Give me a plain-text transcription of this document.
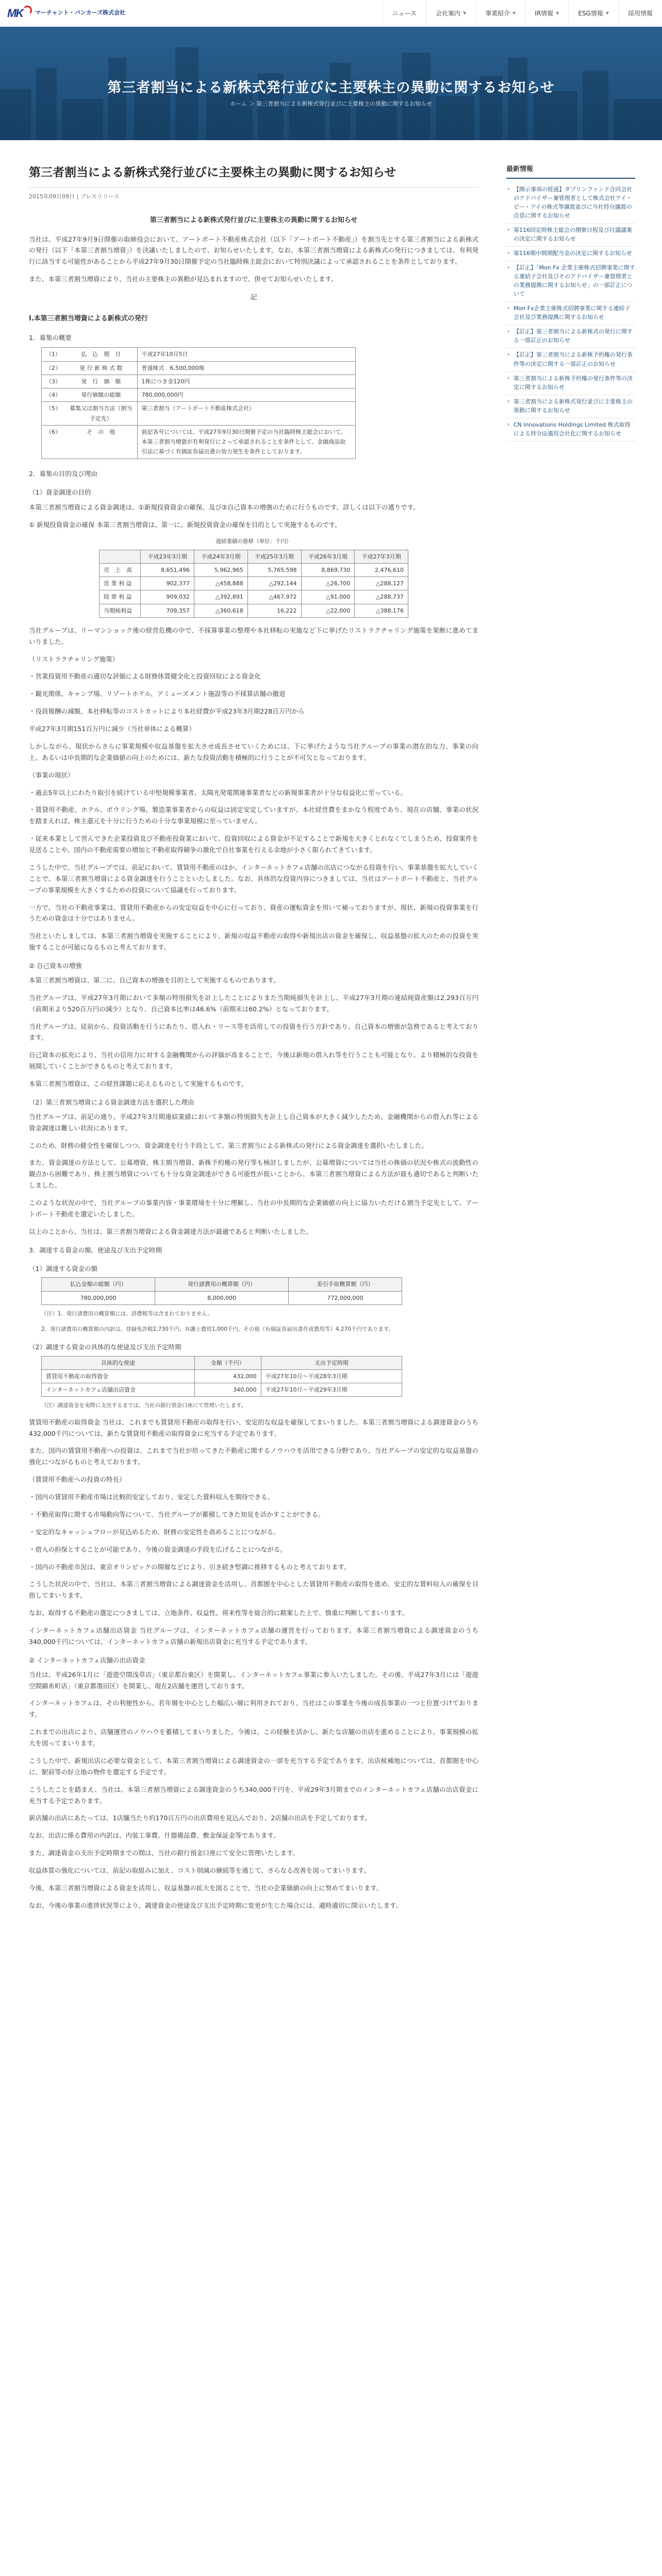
MK マーチャント・バンカーズ株式会社	ニュース	会社案内 ▼	事業紹介 ▼	IR情報 ▼	ESG情報 ▼	採用情報
第三者割当による新株式発行並びに主要株主の異動に関するお知らせ
ホーム ＞ 第三者割当による新株式発行並びに主要株主の異動に関するお知らせ
第三者割当による新株式発行並びに主要株主の異動に関するお知らせ
2015年09月09日 | プレスリリース
第三者割当による新株式発行並びに主要株主の異動に関するお知らせ

当社は、平成27年9月9日開催の取締役会において、アートポート不動産株式会社（以下「アートポート不動産」）を割当先とする第三者割当による新株式の発行（以下「本第三者割当増資」）を決議いたしましたので、お知らせいたします。なお、本第三者割当増資による新株式の発行につきましては、有利発行に該当する可能性があることから平成27年9月30日開催予定の当社臨時株主総会において特別決議によって承認されることを条件としております。

また、本第三者割当増資により、当社の主要株主の異動が見込まれますので、併せてお知らせいたします。

記
I.本第三者割当増資による新株式の発行
1．募集の概要
（1）	払　込　期　日	平成27年10月5日
（2）	発 行 新 株 式 数	普通株式　6,500,000株
（3）	発　行　価　額	1株につき金120円
（4）	発行価額の総額	780,000,000円
（5）	募集又は割当方法（割当予定先）	第三者割当（アートポート不動産株式会社）
（6）	そ　の　他	前記各号については、平成27年9月30日開催予定の当社臨時株主総会において、本第三者割当増資が有利発行によって承認されることを条件として、金融商品取引法に基づく有価証券届出書の効力発生を条件としております。
2．募集の目的及び理由
（1）資金調達の目的

本第三者割当増資による資金調達は、①新規投資資金の確保、及び②自己資本の増強のために行うものです。詳しくは以下の通りです。

① 新規投資資金の確保 本第三者割当増資は、第一に、新規投資資金の確保を目的として実施するものです。

連結業績の推移（単位：千円）
	平成23年3月期	平成24年3月期	平成25年3月期	平成26年3月期	平成27年3月期
売　上　高	8,651,496	5,962,965	5,765,598	8,869,730	2,476,610
営 業 利 益	902,377	△458,888	△292,144	△26,700	△288,127
経 常 利 益	909,032	△392,891	△467,972	△91,000	△288,737
当期純利益	709,357	△360,618	16,222	△22,000	△388,176

当社グループは、リーマンショック後の経営危機の中で、不採算事業の整理や本社移転の実施など下に挙げたリストラクチャリング施策を果断に進めてまいりました。

（リストラクチャリング施策）

・営業投資用不動産の適切な評価による財務体質健全化と投資回収による資金化

・観光関係、キャンプ場、リゾートホテル、アミューズメント施設等の不採算店舗の撤退

・役員報酬の減額、本社移転等のコストカットにより本社経費が平成23年3月期228百万円から

平成27年3月期151百万円に減少（当社単体による概算）

しかしながら、現状からさらに事業規模や収益基盤を拡大させ成長させていくためには、下に挙げたような当社グループの事業の潜在的な力、事業の向上、あるいは中長期的な企業価値の向上のためには、新たな投資活動を積極的に行うことが不可欠となっております。

（事業の現状）

・過去5年以上にわたり取引を続けている中堅規模事業者、太陽光発電関連事業者などの新規事業者が十分な収益化に至っている。

・賃貸用不動産、ホテル、ボウリング場、製造業事業者からの収益は固定安定していますが、本社経営費をまかなう程度であり、現在の店舗、事業の状況を踏まえれば、株主還元を十分に行うための十分な事業規模に至っていません。

・従来本業として営んできた企業投資及び不動産投資業において、投資回収による資金が不足することで新規を大きくとれなくてしまうため、投資案件を見送ることや、国内の不動産需要の増加と不動産取得競争の激化で自社事業を行える余地が小さく限られてきています。

こうした中で、当社グループでは、前記において、賃貸用不動産のほか、インターネットカフェ店舗の出店につながる投資を行い、事業基盤を拡大していくことで、本第三者割当増資による資金調達を行うことといたしました。なお、具体的な投資内容につきましては、当社はアートポート不動産と、当社グループの事業規模を大きくするための投資について協議を行っております。

一方で、当社の不動産事業は、賃貸用不動産からの安定収益を中心に行っており、資産の運転資金を用いて補っておりますが、現状、新規の投資事業を行うための資金は十分ではありません。

当社といたしましては、本第三者割当増資を実施することにより、新規の収益不動産の取得や新規出店の資金を確保し、収益基盤の拡大のための投資を実施することが可能になるものと考えております。

② 自己資本の増強

本第三者割当増資は、第二に、自己資本の増強を目的として実施するものであります。

当社グループは、平成27年3月期において多額の特別損失を計上したことによりまた当期純損失を計上し、平成27年3月期の連結純資産額は2,293百万円（前期末より520百万円の減少）となり、自己資本比率は46.6%（前期末は60.2%）となっております。

当社グループは、従前から、投資活動を行うにあたり、借入れ・リース等を活用しての投資を行う方針であり、自己資本の増強が急務であると考えております。

自己資本の拡充により、当社の信用力に対する金融機関からの評価が高まることで、今後は新規の借入れ等を行うことも可能となり、より積極的な投資を展開していくことができるものと考えております。

本第三者割当増資は、この経営課題に応えるものとして実施するものです。

（2）第三者割当増資による資金調達方法を選択した理由

当社グループは、前記の通り、平成27年3月期連結業績において多額の特別損失を計上し自己資本が大きく減少したため、金融機関からの借入れ等による資金調達は難しい状況にあります。

このため、財務の健全性を確保しつつ、資金調達を行う手段として、第三者割当による新株式の発行による資金調達を選択いたしました。

また、資金調達の方法として、公募増資、株主割当増資、新株予約権の発行等も検討しましたが、公募増資については当社の株価の状況や株式の流動性の観点から困難であり、株主割当増資についても十分な資金調達ができる可能性が低いことから、本第三者割当増資による方法が最も適切であると判断いたしました。

このような状況の中で、当社グループの事業内容・事業環境を十分に理解し、当社の中長期的な企業価値の向上に協力いただける割当予定先として、アートポート不動産を選定いたしました。

以上のことから、当社は、第三者割当増資による資金調達方法が最適であると判断いたしました。

3．調達する資金の額、使途及び支出予定時期
（1）調達する資金の額
払込金額の総額（円）	発行諸費用の概算額（円）	差引手取概算額（円）
780,000,000	8,000,000	772,000,000
（注）1．発行諸費用の概算額には、消費税等は含まれておりません。
2．発行諸費用の概算額の内訳は、登録免許税2,730千円、弁護士費用1,000千円、その他（有価証券届出書作成費用等）4,270千円であります。
（2）調達する資金の具体的な使途及び支出予定時期
具体的な使途	金額（千円）	支出予定時期
賃貸用不動産の取得資金	432,000	平成27年10月〜平成28年3月期
インターネットカフェ店舗出店資金	340,000	平成27年10月〜平成29年3月期
（注）調達資金を実際に支出するまでは、当社の銀行預金口座にて管理いたします。

賃貸用不動産の取得資金 当社は、これまでも賃貸用不動産の取得を行い、安定的な収益を確保してまいりました。本第三者割当増資による調達資金のうち432,000千円については、新たな賃貸用不動産の取得資金に充当する予定であります。

また、国内の賃貸用不動産への投資は、これまで当社が培ってきた不動産に関するノウハウを活用できる分野であり、当社グループの安定的な収益基盤の強化につながるものと考えております。

（賃貸用不動産への投資の特長）

・国内の賃貸用不動産市場は比較的安定しており、安定した賃料収入を期待できる。

・不動産取得に関する市場動向等について、当社グループが蓄積してきた知見を活かすことができる。

・安定的なキャッシュフローが見込めるため、財務の安定性を高めることにつながる。

・借入の担保とすることが可能であり、今後の資金調達の手段を広げることにつながる。

・国内の不動産市況は、東京オリンピックの開催などにより、引き続き堅調に推移するものと考えております。

こうした状況の中で、当社は、本第三者割当増資による調達資金を活用し、首都圏を中心とした賃貸用不動産の取得を進め、安定的な賃料収入の確保を目指してまいります。

なお、取得する不動産の選定につきましては、立地条件、収益性、将来性等を総合的に勘案した上で、慎重に判断してまいります。

インターネットカフェ店舗出店資金 当社グループは、インターネットカフェ店舗の運営を行っております。本第三者割当増資による調達資金のうち340,000千円については、インターネットカフェ店舗の新規出店資金に充当する予定であります。

② インターネットカフェ店舗の出店資金

当社は、平成26年1月に「遊遊空間浅草店」（東京都台東区）を開業し、インターネットカフェ事業に参入いたしました。その後、平成27年3月には「遊遊空間錦糸町店」（東京都墨田区）を開業し、現在2店舗を運営しております。

インターネットカフェは、その利便性から、若年層を中心とした幅広い層に利用されており、当社はこの事業を今後の成長事業の一つと位置づけております。

これまでの出店により、店舗運営のノウハウを蓄積してまいりました。今後は、この経験を活かし、新たな店舗の出店を進めることにより、事業規模の拡大を図ってまいります。

こうした中で、新規出店に必要な資金として、本第三者割当増資による調達資金の一部を充当する予定であります。出店候補地については、首都圏を中心に、駅前等の好立地の物件を選定する予定です。

こうしたことを踏まえ、当社は、本第三者割当増資による調達資金のうち340,000千円を、平成29年3月期までのインターネットカフェ店舗の出店資金に充当する予定であります。

新店舗の出店にあたっては、1店舗当たり約170百万円の出店費用を見込んでおり、2店舗の出店を予定しております。

なお、出店に係る費用の内訳は、内装工事費、什器備品費、敷金保証金等であります。

また、調達資金の支出予定時期までの間は、当社の銀行預金口座にて安全に管理いたします。

収益体質の強化については、前記の取組みに加え、コスト削減の継続等を通じて、さらなる改善を図ってまいります。

今後、本第三者割当増資による資金を活用し、収益基盤の拡大を図ることで、当社の企業価値の向上に努めてまいります。

なお、今後の事業の進捗状況等により、調達資金の使途及び支出予定時期に変更が生じた場合には、適時適切に開示いたします。

最新情報
› 【開示事項の経過】ダブリンファンド合同会社のアドバイザー兼管理者として株式会社アイ・ピー・アイの株式等譲渡並びに当社持分譲渡の合意に関するお知らせ
› 第116回定時株主総会の開催日程及び付議議案の決定に関するお知らせ
› 第116期中間期配当金の決定に関するお知らせ
› 【訂正】「Mon Fx 企業主催株式招聘事業に関する連結子会社及びそのアドバイザー兼管理者との業務提携に関するお知らせ」の一部訂正について
› Mon Fx企業主催株式招聘事業に関する連結子会社及び業務提携に関するお知らせ
› 【訂正】第三者割当による新株式の発行に関する一部訂正のお知らせ
› 【訂正】第三者割当による新株予約権の発行条件等の決定に関する一部訂正のお知らせ
› 第三者割当による新株予約権の発行条件等の決定に関するお知らせ
› 第三者割当による新株式発行並びに主要株主の異動に関するお知らせ
› CN Innovations Holdings Limited 株式取得による持分法適用会社化に関するお知らせ
